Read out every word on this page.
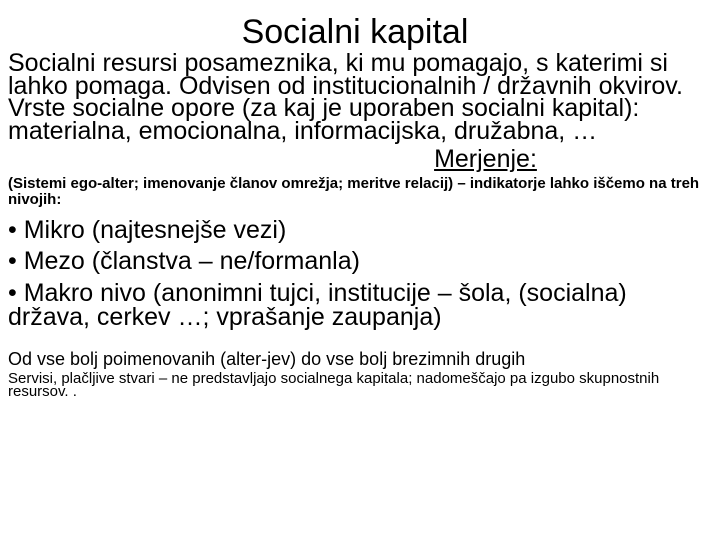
Socialni kapital

Socialni resursi posameznika, ki mu pomagajo, s katerimi si lahko pomaga. Odvisen od institucionalnih / državnih okvirov.

Vrste socialne opore (za kaj je uporaben socialni kapital): materialna, emocionalna, informacijska, družabna, …

Merjenje:

(Sistemi ego-alter; imenovanje članov omrežja; meritve relacij) – indikatorje lahko iščemo na treh nivojih:

• Mikro (najtesnejše vezi)
• Mezo (članstva – ne/formanla)
• Makro nivo (anonimni tujci, institucije – šola, (socialna) država, cerkev …; vprašanje zaupanja)

Od vse bolj poimenovanih (alter-jev) do vse bolj brezimnih drugih

Servisi, plačljive stvari – ne predstavljajo socialnega kapitala; nadomeščajo pa izgubo skupnostnih resursov. .
